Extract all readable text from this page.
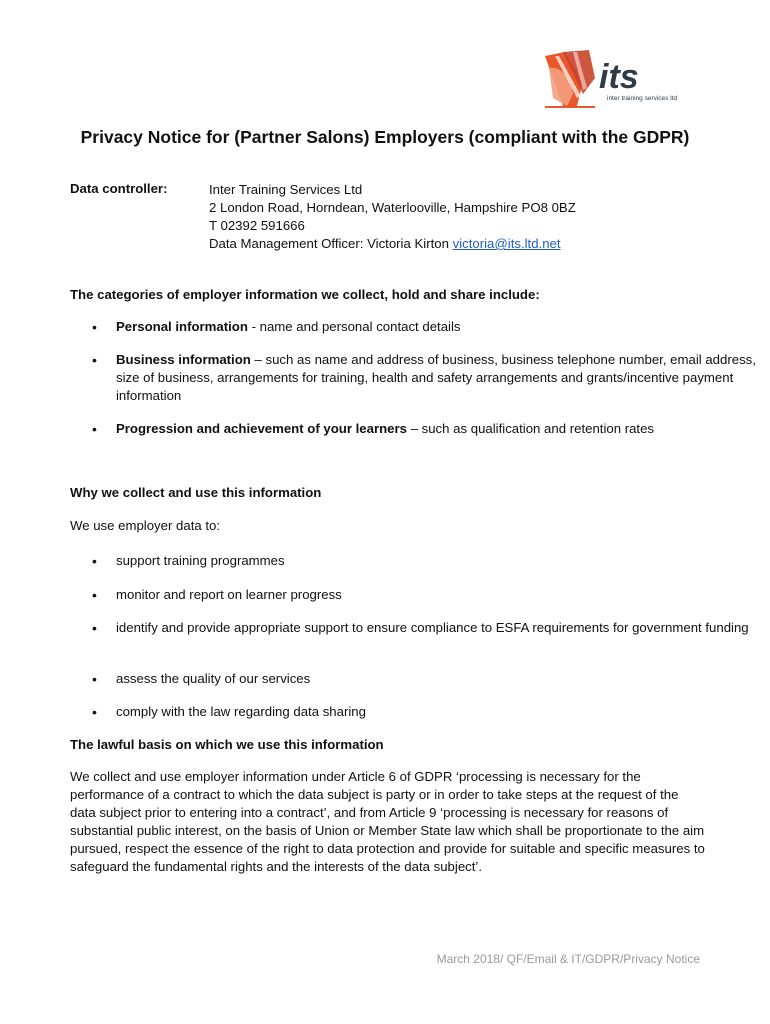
its
inter training services ltd
Privacy Notice for (Partner Salons) Employers (compliant with the GDPR)
Data controller:	Inter Training Services Ltd
2 London Road, Horndean, Waterlooville, Hampshire PO8 0BZ
T 02392 591666
Data Management Officer: Victoria Kirton victoria@its.ltd.net
The categories of employer information we collect, hold and share include:
• Personal information - name and personal contact details
• Business information – such as name and address of business, business telephone number, email address, size of business, arrangements for training, health and safety arrangements and grants/incentive payment information
• Progression and achievement of your learners – such as qualification and retention rates
Why we collect and use this information
We use employer data to:
• support training programmes
• monitor and report on learner progress
• identify and provide appropriate support to ensure compliance to ESFA requirements for government funding
• assess the quality of our services
• comply with the law regarding data sharing
The lawful basis on which we use this information
We collect and use employer information under Article 6 of GDPR ‘processing is necessary for the performance of a contract to which the data subject is party or in order to take steps at the request of the data subject prior to entering into a contract’, and from Article 9 ‘processing is necessary for reasons of substantial public interest, on the basis of Union or Member State law which shall be proportionate to the aim pursued, respect the essence of the right to data protection and provide for suitable and specific measures to safeguard the fundamental rights and the interests of the data subject’.
March 2018/ QF/Email & IT/GDPR/Privacy Notice
